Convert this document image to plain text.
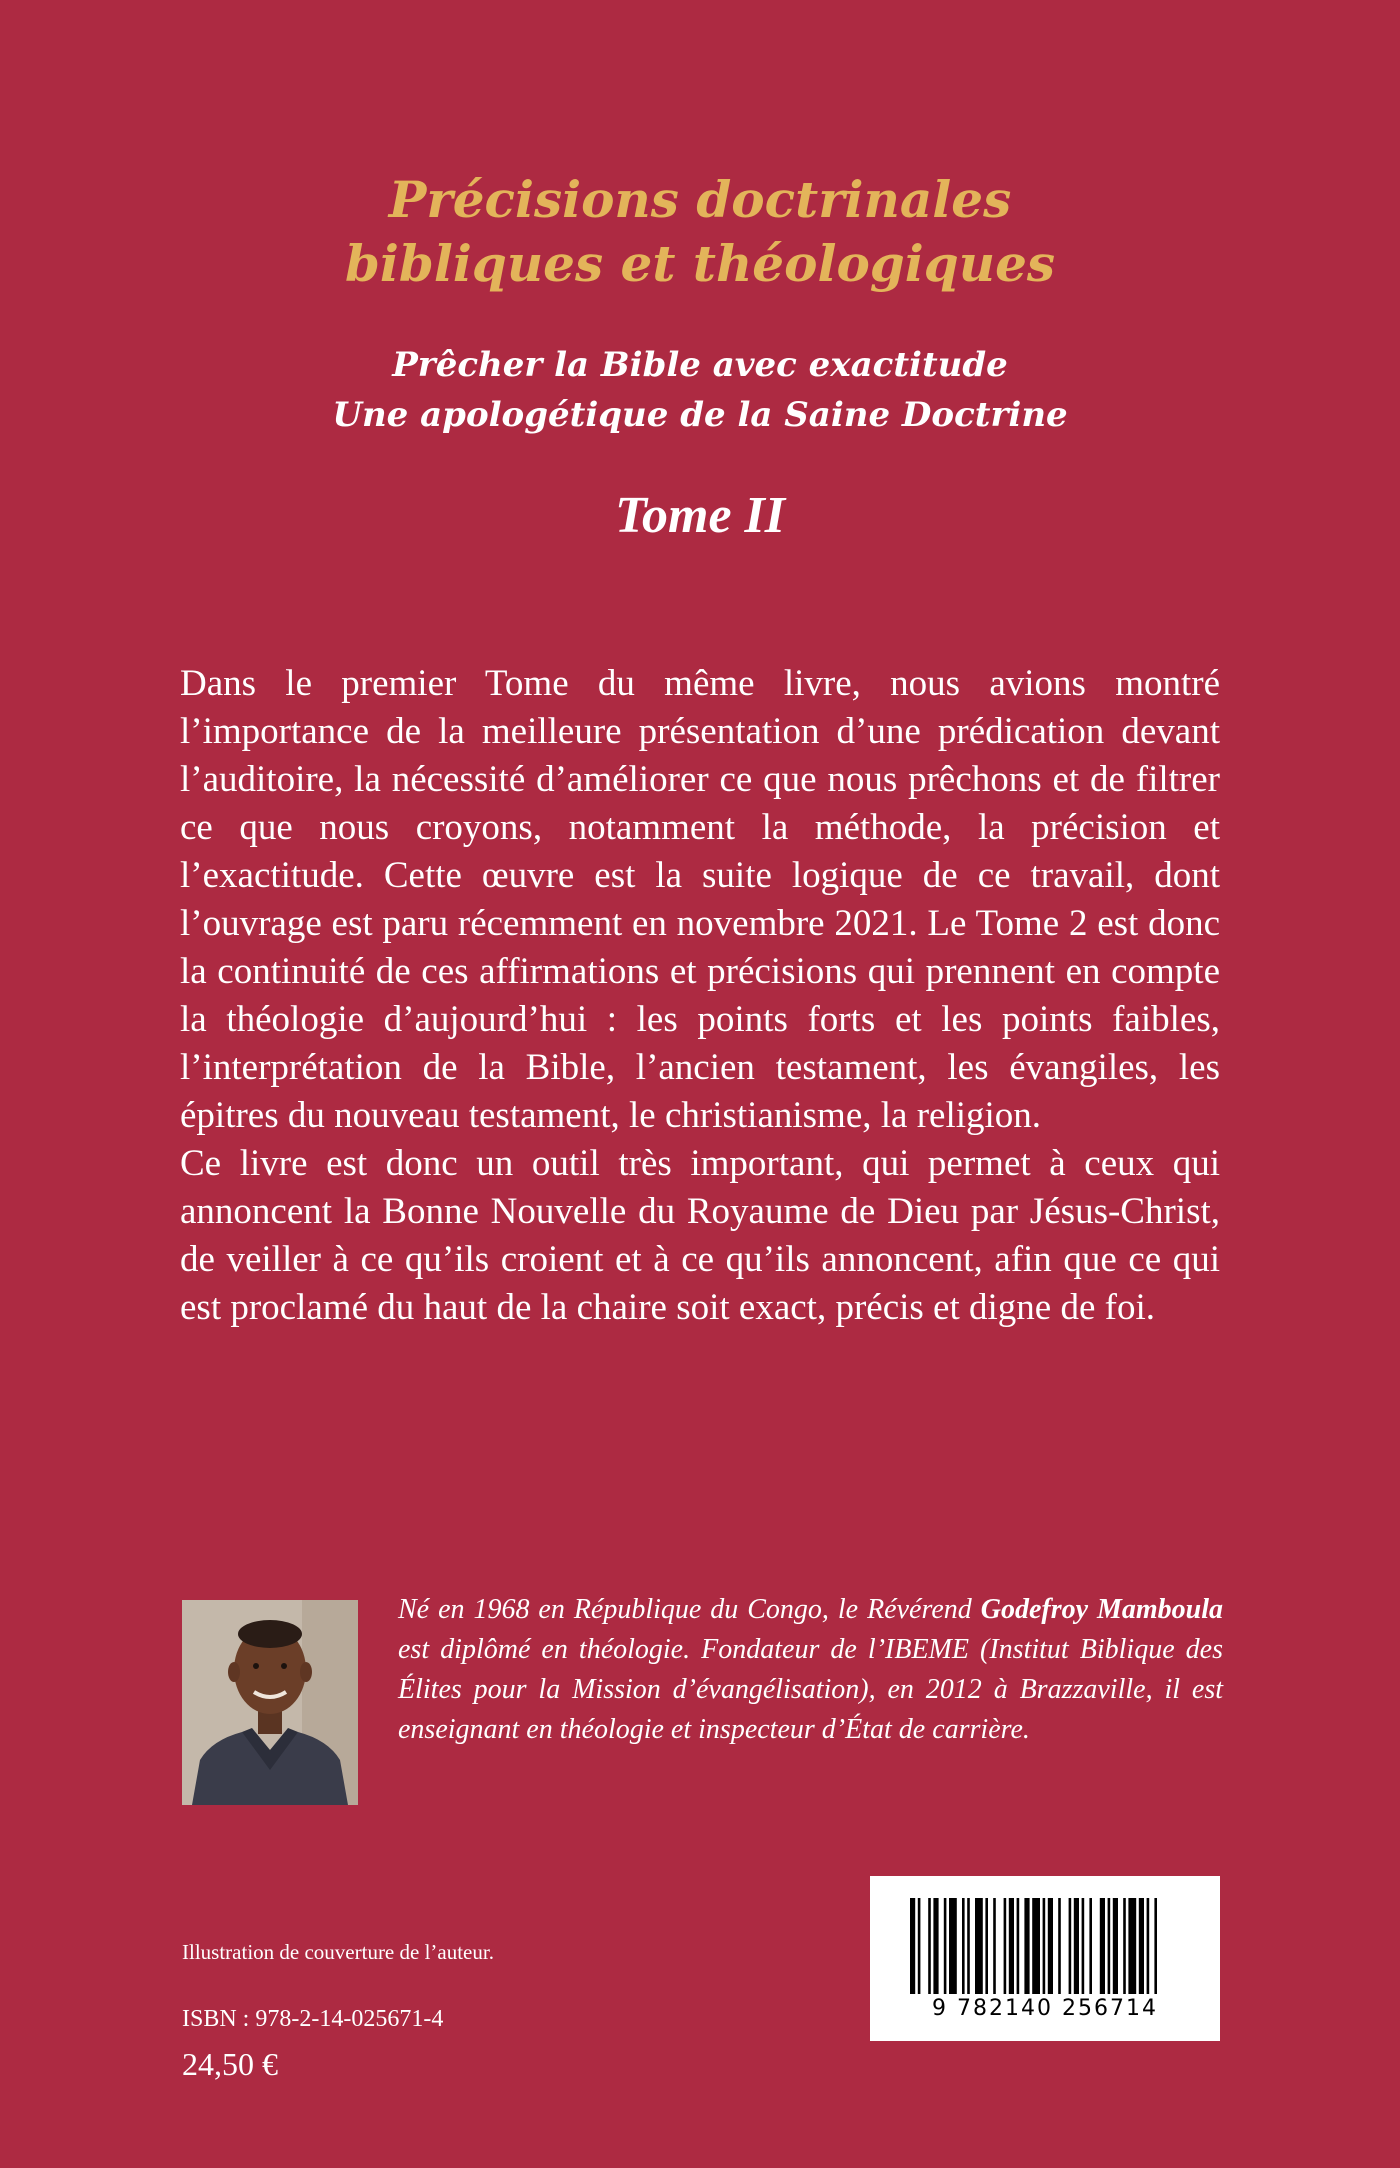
Précisions doctrinales
bibliques et théologiques
Prêcher la Bible avec exactitude
Une apologétique de la Saine Doctrine
Tome II

Dans le premier Tome du même livre, nous avions montré l’importance de la meilleure présentation d’une prédication devant l’auditoire, la nécessité d’améliorer ce que nous prêchons et de filtrer ce que nous croyons, notamment la méthode, la précision et l’exactitude. Cette œuvre est la suite logique de ce travail, dont l’ouvrage est paru récemment en novembre 2021. Le Tome 2 est donc la continuité de ces affirmations et précisions qui prennent en compte la théologie d’aujourd’hui : les points forts et les points faibles, l’interprétation de la Bible, l’ancien testament, les évangiles, les épitres du nouveau testament, le christianisme, la religion.

Ce livre est donc un outil très important, qui permet à ceux qui annoncent la Bonne Nouvelle du Royaume de Dieu par Jésus-Christ, de veiller à ce qu’ils croient et à ce qu’ils annoncent, afin que ce qui est proclamé du haut de la chaire soit exact, précis et digne de foi.

Né en 1968 en République du Congo, le Révérend Godefroy Mamboula est diplômé en théologie. Fondateur de l’IBEME (Institut Biblique des Élites pour la Mission d’évangélisation), en 2012 à Brazzaville, il est enseignant en théologie et inspecteur d’État de carrière.

Illustration de couverture de l’auteur.

ISBN : 978-2-14-025671-4

24,50 €

9 782140 256714
